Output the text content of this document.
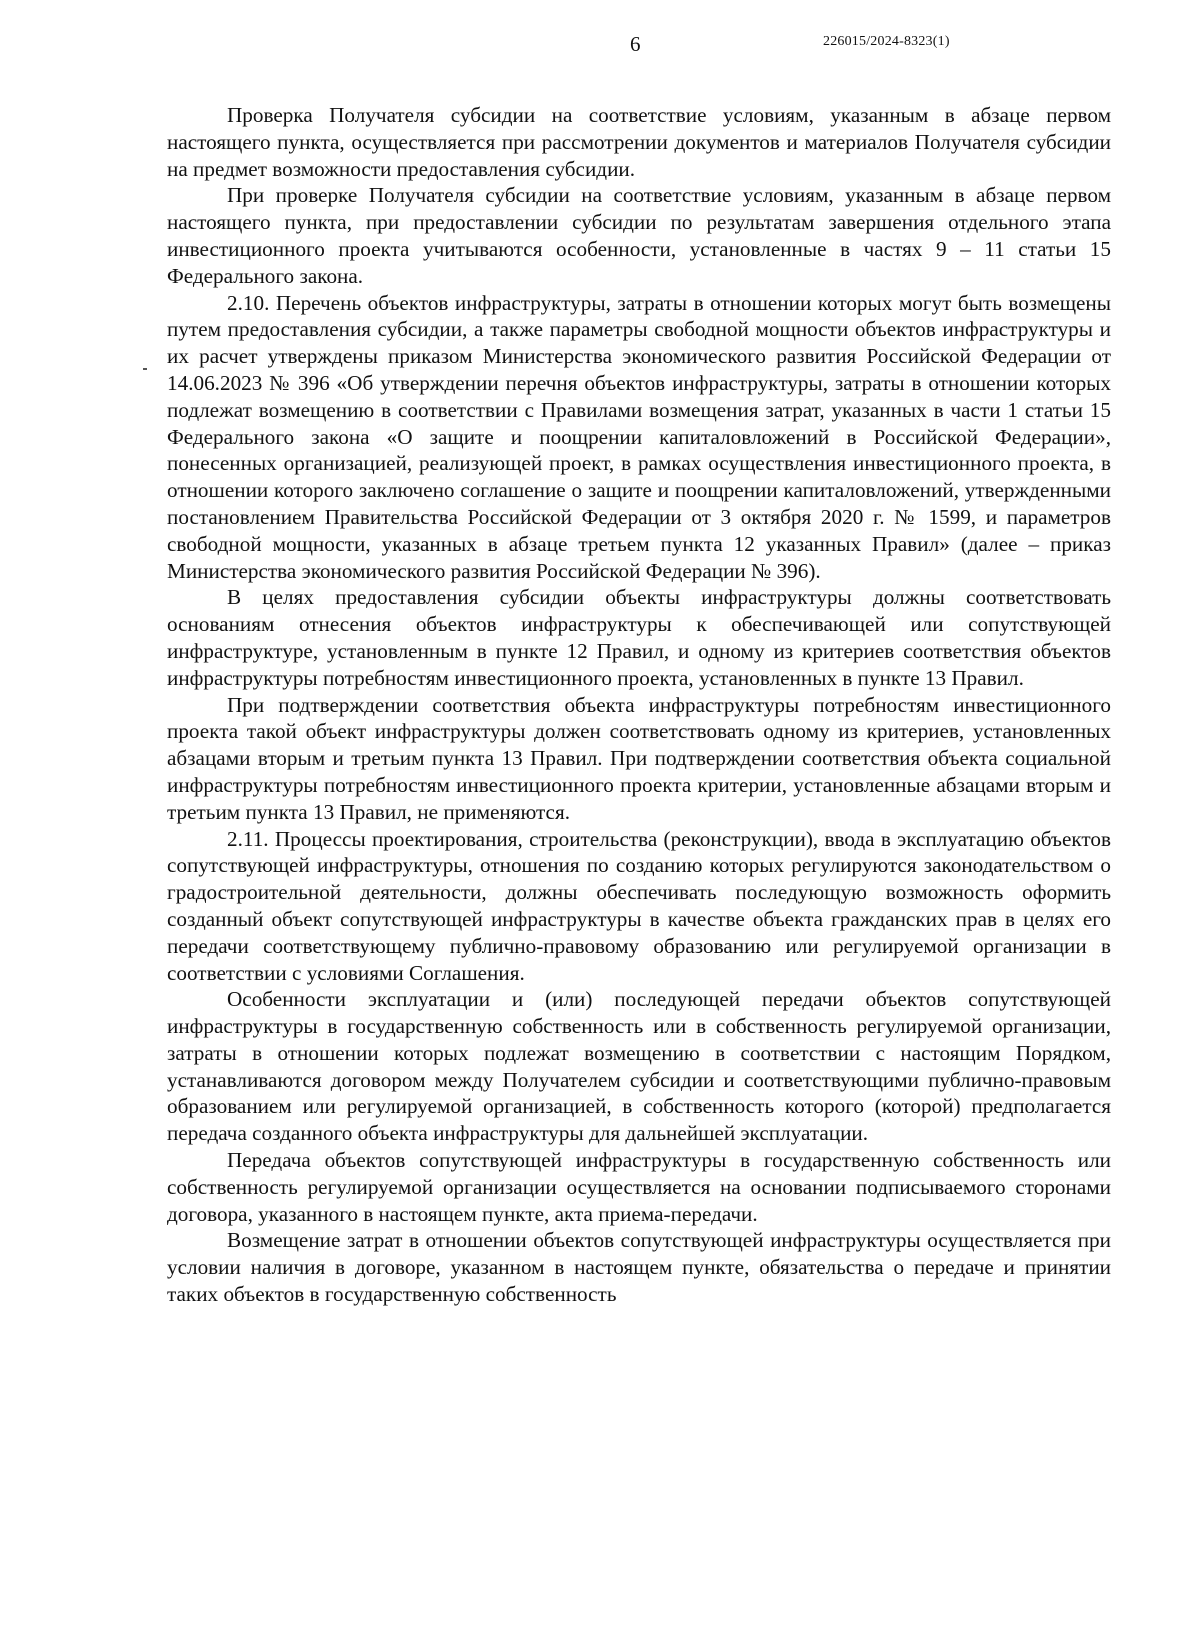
6	226015/2024-8323(1)

Проверка Получателя субсидии на соответствие условиям, указанным в абзаце первом настоящего пункта, осуществляется при рассмотрении документов и материалов Получателя субсидии на предмет возможности предоставления субсидии.

При проверке Получателя субсидии на соответствие условиям, указанным в абзаце первом настоящего пункта, при предоставлении субсидии по результатам завершения отдельного этапа инвестиционного проекта учитываются особенности, установленные в частях 9 – 11 статьи 15 Федерального закона.

2.10. Перечень объектов инфраструктуры, затраты в отношении которых могут быть возмещены путем предоставления субсидии, а также параметры свободной мощности объектов инфраструктуры и их расчет утверждены приказом Министерства экономического развития Российской Федерации от 14.06.2023 № 396 «Об утверждении перечня объектов инфраструктуры, затраты в отношении которых подлежат возмещению в соответствии с Правилами возмещения затрат, указанных в части 1 статьи 15 Федерального закона «О защите и поощрении капиталовложений в Российской Федерации», понесенных организацией, реализующей проект, в рамках осуществления инвестиционного проекта, в отношении которого заключено соглашение о защите и поощрении капиталовложений, утвержденными постановлением Правительства Российской Федерации от 3 октября 2020 г. № 1599, и параметров свободной мощности, указанных в абзаце третьем пункта 12 указанных Правил» (далее – приказ Министерства экономического развития Российской Федерации № 396).

В целях предоставления субсидии объекты инфраструктуры должны соответствовать основаниям отнесения объектов инфраструктуры к обеспечивающей или сопутствующей инфраструктуре, установленным в пункте 12 Правил, и одному из критериев соответствия объектов инфраструктуры потребностям инвестиционного проекта, установленных в пункте 13 Правил.

При подтверждении соответствия объекта инфраструктуры потребностям инвестиционного проекта такой объект инфраструктуры должен соответствовать одному из критериев, установленных абзацами вторым и третьим пункта 13 Правил. При подтверждении соответствия объекта социальной инфраструктуры потребностям инвестиционного проекта критерии, установленные абзацами вторым и третьим пункта 13 Правил, не применяются.

2.11. Процессы проектирования, строительства (реконструкции), ввода в эксплуатацию объектов сопутствующей инфраструктуры, отношения по созданию которых регулируются законодательством о градостроительной деятельности, должны обеспечивать последующую возможность оформить созданный объект сопутствующей инфраструктуры в качестве объекта гражданских прав в целях его передачи соответствующему публично-правовому образованию или регулируемой организации в соответствии с условиями Соглашения.

Особенности эксплуатации и (или) последующей передачи объектов сопутствующей инфраструктуры в государственную собственность или в собственность регулируемой организации, затраты в отношении которых подлежат возмещению в соответствии с настоящим Порядком, устанавливаются договором между Получателем субсидии и соответствующими публично-правовым образованием или регулируемой организацией, в собственность которого (которой) предполагается передача созданного объекта инфраструктуры для дальнейшей эксплуатации.

Передача объектов сопутствующей инфраструктуры в государственную собственность или собственность регулируемой организации осуществляется на основании подписываемого сторонами договора, указанного в настоящем пункте, акта приема-передачи.

Возмещение затрат в отношении объектов сопутствующей инфраструктуры осуществляется при условии наличия в договоре, указанном в настоящем пункте, обязательства о передаче и принятии таких объектов в государственную собственность
